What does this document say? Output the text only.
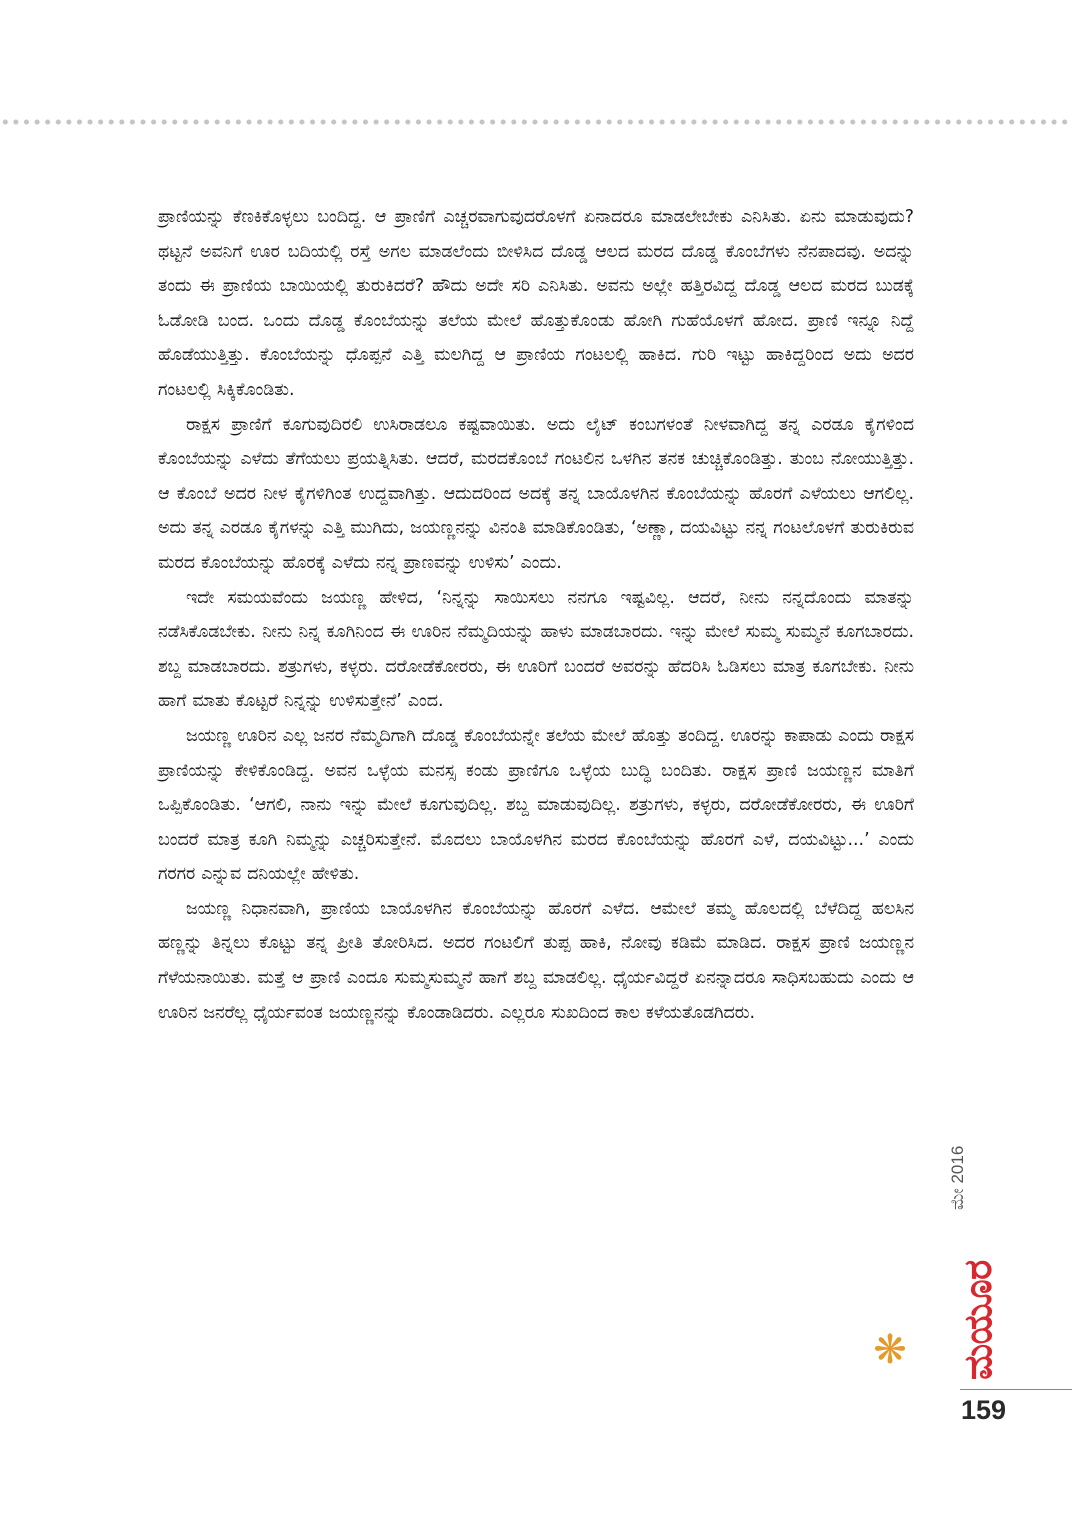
ಪ್ರಾಣಿಯನ್ನು ಕೆಣಕಿಕೊಳ್ಳಲು ಬಂದಿದ್ದ. ಆ ಪ್ರಾಣಿಗೆ ಎಚ್ಚರವಾಗುವುದರೊಳಗೆ ಏನಾದರೂ ಮಾಡಲೇಬೇಕು ಎನಿಸಿತು. ಏನು ಮಾಡುವುದು? ಥಟ್ಟನೆ ಅವನಿಗೆ ಊರ ಬದಿಯಲ್ಲಿ ರಸ್ತೆ ಅಗಲ ಮಾಡಲೆಂದು ಬೀಳಿಸಿದ ದೊಡ್ಡ ಆಲದ ಮರದ ದೊಡ್ಡ ಕೊಂಬೆಗಳು ನೆನಪಾದವು. ಅದನ್ನು ತಂದು ಈ ಪ್ರಾಣಿಯ ಬಾಯಿಯಲ್ಲಿ ತುರುಕಿದರೆ? ಹೌದು ಅದೇ ಸರಿ ಎನಿಸಿತು. ಅವನು ಅಲ್ಲೇ ಹತ್ತಿರವಿದ್ದ ದೊಡ್ಡ ಆಲದ ಮರದ ಬುಡಕ್ಕೆ ಓಡೋಡಿ ಬಂದ. ಒಂದು ದೊಡ್ಡ ಕೊಂಬೆಯನ್ನು ತಲೆಯ ಮೇಲೆ ಹೊತ್ತುಕೊಂಡು ಹೋಗಿ ಗುಹೆಯೊಳಗೆ ಹೋದ. ಪ್ರಾಣಿ ಇನ್ನೂ ನಿದ್ದೆ ಹೊಡೆಯುತ್ತಿತ್ತು. ಕೊಂಬೆಯನ್ನು ಧೊಪ್ಪನೆ ಎತ್ತಿ ಮಲಗಿದ್ದ ಆ ಪ್ರಾಣಿಯ ಗಂಟಲಲ್ಲಿ ಹಾಕಿದ. ಗುರಿ ಇಟ್ಟು ಹಾಕಿದ್ದರಿಂದ ಅದು ಅದರ ಗಂಟಲಲ್ಲಿ ಸಿಕ್ಕಿಕೊಂಡಿತು.

ರಾಕ್ಷಸ ಪ್ರಾಣಿಗೆ ಕೂಗುವುದಿರಲಿ ಉಸಿರಾಡಲೂ ಕಷ್ಟವಾಯಿತು. ಅದು ಲೈಟ್ ಕಂಬಗಳಂತೆ ನೀಳವಾಗಿದ್ದ ತನ್ನ ಎರಡೂ ಕೈಗಳಿಂದ ಕೊಂಬೆಯನ್ನು ಎಳೆದು ತೆಗೆಯಲು ಪ್ರಯತ್ನಿಸಿತು. ಆದರೆ, ಮರದಕೊಂಬೆ ಗಂಟಲಿನ ಒಳಗಿನ ತನಕ ಚುಚ್ಚಿಕೊಂಡಿತ್ತು. ತುಂಬ ನೋಯುತ್ತಿತ್ತು. ಆ ಕೊಂಬೆ ಅದರ ನೀಳ ಕೈಗಳಿಗಿಂತ ಉದ್ದವಾಗಿತ್ತು. ಆದುದರಿಂದ ಅದಕ್ಕೆ ತನ್ನ ಬಾಯೊಳಗಿನ ಕೊಂಬೆಯನ್ನು ಹೊರಗೆ ಎಳೆಯಲು ಆಗಲಿಲ್ಲ. ಅದು ತನ್ನ ಎರಡೂ ಕೈಗಳನ್ನು ಎತ್ತಿ ಮುಗಿದು, ಜಯಣ್ಣನನ್ನು ವಿನಂತಿ ಮಾಡಿಕೊಂಡಿತು, ‘ಅಣ್ಣಾ, ದಯವಿಟ್ಟು ನನ್ನ ಗಂಟಲೊಳಗೆ ತುರುಕಿರುವ ಮರದ ಕೊಂಬೆಯನ್ನು ಹೊರಕ್ಕೆ ಎಳೆದು ನನ್ನ ಪ್ರಾಣವನ್ನು ಉಳಿಸು’ ಎಂದು.

ಇದೇ ಸಮಯವೆಂದು ಜಯಣ್ಣ ಹೇಳಿದ, ‘ನಿನ್ನನ್ನು ಸಾಯಿಸಲು ನನಗೂ ಇಷ್ಟವಿಲ್ಲ. ಆದರೆ, ನೀನು ನನ್ನದೊಂದು ಮಾತನ್ನು ನಡೆಸಿಕೊಡಬೇಕು. ನೀನು ನಿನ್ನ ಕೂಗಿನಿಂದ ಈ ಊರಿನ ನೆಮ್ಮದಿಯನ್ನು ಹಾಳು ಮಾಡಬಾರದು. ಇನ್ನು ಮೇಲೆ ಸುಮ್ಮ ಸುಮ್ಮನೆ ಕೂಗಬಾರದು. ಶಬ್ದ ಮಾಡಬಾರದು. ಶತ್ರುಗಳು, ಕಳ್ಳರು. ದರೋಡೆಕೋರರು, ಈ ಊರಿಗೆ ಬಂದರೆ ಅವರನ್ನು ಹೆದರಿಸಿ ಓಡಿಸಲು ಮಾತ್ರ ಕೂಗಬೇಕು. ನೀನು ಹಾಗೆ ಮಾತು ಕೊಟ್ಟರೆ ನಿನ್ನನ್ನು ಉಳಿಸುತ್ತೇನೆ’ ಎಂದ.

ಜಯಣ್ಣ ಊರಿನ ಎಲ್ಲ ಜನರ ನೆಮ್ಮದಿಗಾಗಿ ದೊಡ್ಡ ಕೊಂಬೆಯನ್ನೇ ತಲೆಯ ಮೇಲೆ ಹೊತ್ತು ತಂದಿದ್ದ. ಊರನ್ನು ಕಾಪಾಡು ಎಂದು ರಾಕ್ಷಸ ಪ್ರಾಣಿಯನ್ನು ಕೇಳಿಕೊಂಡಿದ್ದ. ಅವನ ಒಳ್ಳೆಯ ಮನಸ್ಸ ಕಂಡು ಪ್ರಾಣಿಗೂ ಒಳ್ಳೆಯ ಬುದ್ಧಿ ಬಂದಿತು. ರಾಕ್ಷಸ ಪ್ರಾಣಿ ಜಯಣ್ಣನ ಮಾತಿಗೆ ಒಪ್ಪಿಕೊಂಡಿತು. ‘ಆಗಲಿ, ನಾನು ಇನ್ನು ಮೇಲೆ ಕೂಗುವುದಿಲ್ಲ. ಶಬ್ದ ಮಾಡುವುದಿಲ್ಲ. ಶತ್ರುಗಳು, ಕಳ್ಳರು, ದರೋಡೆಕೋರರು, ಈ ಊರಿಗೆ ಬಂದರೆ ಮಾತ್ರ ಕೂಗಿ ನಿಮ್ಮನ್ನು ಎಚ್ಚರಿಸುತ್ತೇನೆ. ಮೊದಲು ಬಾಯೊಳಗಿನ ಮರದ ಕೊಂಬೆಯನ್ನು ಹೊರಗೆ ಎಳೆ, ದಯವಿಟ್ಟು...’ ಎಂದು ಗರಗರ ಎನ್ನುವ ದನಿಯಲ್ಲೇ ಹೇಳಿತು.

ಜಯಣ್ಣ ನಿಧಾನವಾಗಿ, ಪ್ರಾಣಿಯ ಬಾಯೊಳಗಿನ ಕೊಂಬೆಯನ್ನು ಹೊರಗೆ ಎಳೆದ. ಆಮೇಲೆ ತಮ್ಮ ಹೊಲದಲ್ಲಿ ಬೆಳೆದಿದ್ದ ಹಲಸಿನ ಹಣ್ಣನ್ನು ತಿನ್ನಲು ಕೊಟ್ಟು ತನ್ನ ಪ್ರೀತಿ ತೋರಿಸಿದ. ಅದರ ಗಂಟಲಿಗೆ ತುಪ್ಪ ಹಾಕಿ, ನೋವು ಕಡಿಮೆ ಮಾಡಿದ. ರಾಕ್ಷಸ ಪ್ರಾಣಿ ಜಯಣ್ಣನ ಗೆಳೆಯನಾಯಿತು. ಮತ್ತೆ ಆ ಪ್ರಾಣಿ ಎಂದೂ ಸುಮ್ಮಸುಮ್ಮನೆ ಹಾಗೆ ಶಬ್ದ ಮಾಡಲಿಲ್ಲ. ಧೈರ್ಯವಿದ್ದರೆ ಏನನ್ನಾದರೂ ಸಾಧಿಸಬಹುದು ಎಂದು ಆ ಊರಿನ ಜನರೆಲ್ಲ ಧೈರ್ಯವಂತ ಜಯಣ್ಣನನ್ನು ಕೊಂಡಾಡಿದರು. ಎಲ್ಲರೂ ಸುಖದಿಂದ ಕಾಲ ಕಳೆಯತೊಡಗಿದರು.

❋
ಮೇ 2016
ಮಯೂರ
159
